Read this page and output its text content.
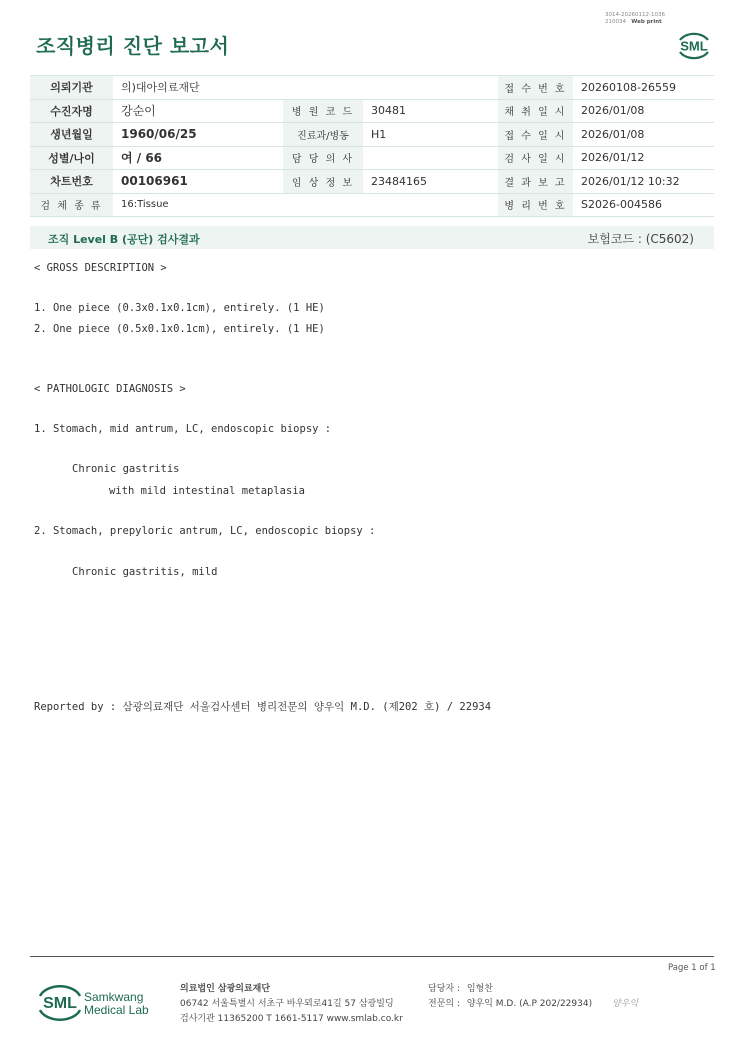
조직병리 진단 보고서
3014-20260112-1036
210034 Web print
SML
의뢰기관	의)대아의료재단			접 수 번 호	20260108-26559
수진자명	강순이	병 원 코 드	30481	채 취 일 시	2026/01/08
생년월일	1960/06/25	진료과/병동	H1	접 수 일 시	2026/01/08
성별/나이	여 / 66	담 당 의 사		검 사 일 시	2026/01/12
차트번호	00106961	임 상 정 보	23484165	결 과 보 고	2026/01/12 10:32
검 체 종 류	16:Tissue			병 리 번 호	S2026-004586
조직 Level B (공단) 검사결과	보험코드 : (C5602)
< GROSS DESCRIPTION >
1. One piece (0.3x0.1x0.1cm), entirely. (1 HE)
2. One piece (0.5x0.1x0.1cm), entirely. (1 HE)
< PATHOLOGIC DIAGNOSIS >
1. Stomach, mid antrum, LC, endoscopic biopsy :
Chronic gastritis
with mild intestinal metaplasia
2. Stomach, prepyloric antrum, LC, endoscopic biopsy :
Chronic gastritis, mild
Reported by : 삼광의료재단 서울검사센터 병리전문의 양우익 M.D. (제202 호) / 22934
Page 1 of 1
SML Samkwang
Medical Lab
의료법인 삼광의료재단
06742 서울특별시 서초구 바우뫼로41길 57 삼광빌딩
검사기관 11365200 T 1661-5117 www.smlab.co.kr
담당자 : 임형찬
전문의 : 양우익 M.D. (A.P 202/22934) 양우익
